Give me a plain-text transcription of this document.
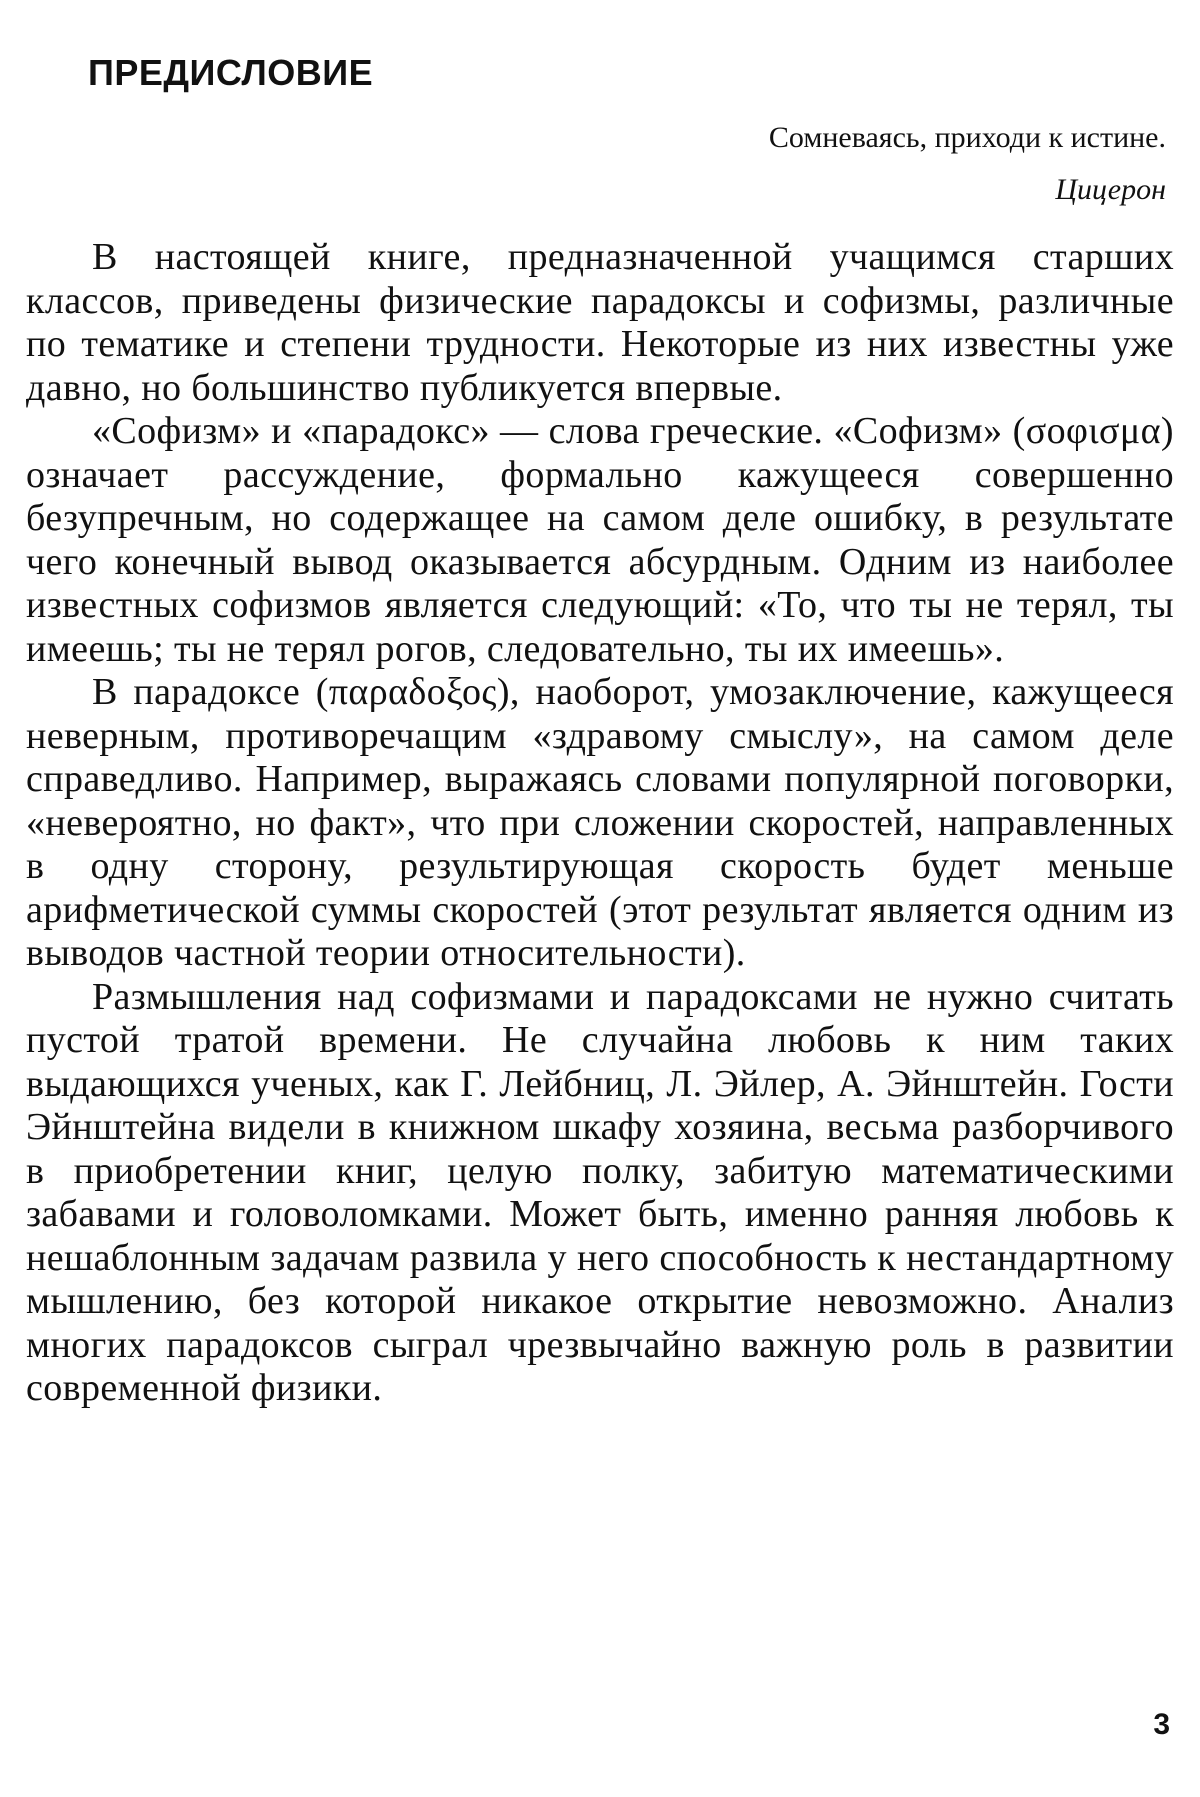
ПРЕДИСЛОВИЕ
Сомневаясь, приходи к истине.
Цицерон

В настоящей книге, предназначенной учащимся старших классов, приведены физические парадоксы и софизмы, различные по тематике и степени трудности. Некоторые из них известны уже давно, но большинство публикуется впервые.

«Софизм» и «парадокс» — слова греческие. «Софизм» (σοφισμα) означает рассуждение, формально кажущееся совершенно безупречным, но содержащее на самом деле ошибку, в результате чего конечный вывод оказывается абсурдным. Одним из наиболее известных софизмов является следующий: «То, что ты не терял, ты имеешь; ты не терял рогов, следовательно, ты их имеешь».

В парадоксе (παραδοξος), наоборот, умозаключение, кажущееся неверным, противоречащим «здравому смыслу», на самом деле справедливо. Например, выражаясь словами популярной поговорки, «невероятно, но факт», что при сложении скоростей, направленных в одну сторону, результирующая скорость будет меньше арифметической суммы скоростей (этот результат является одним из выводов частной теории относительности).

Размышления над софизмами и парадоксами не нужно считать пустой тратой времени. Не случайна любовь к ним таких выдающихся ученых, как Г. Лейбниц, Л. Эйлер, А. Эйнштейн. Гости Эйнштейна видели в книжном шкафу хозяина, весьма разборчивого в приобретении книг, целую полку, забитую математическими забавами и головоломками. Может быть, именно ранняя любовь к нешаблонным задачам развила у него способность к нестандартному мышлению, без которой никакое открытие невозможно. Анализ многих парадоксов сыграл чрезвычайно важную роль в развитии современной физики.

3
